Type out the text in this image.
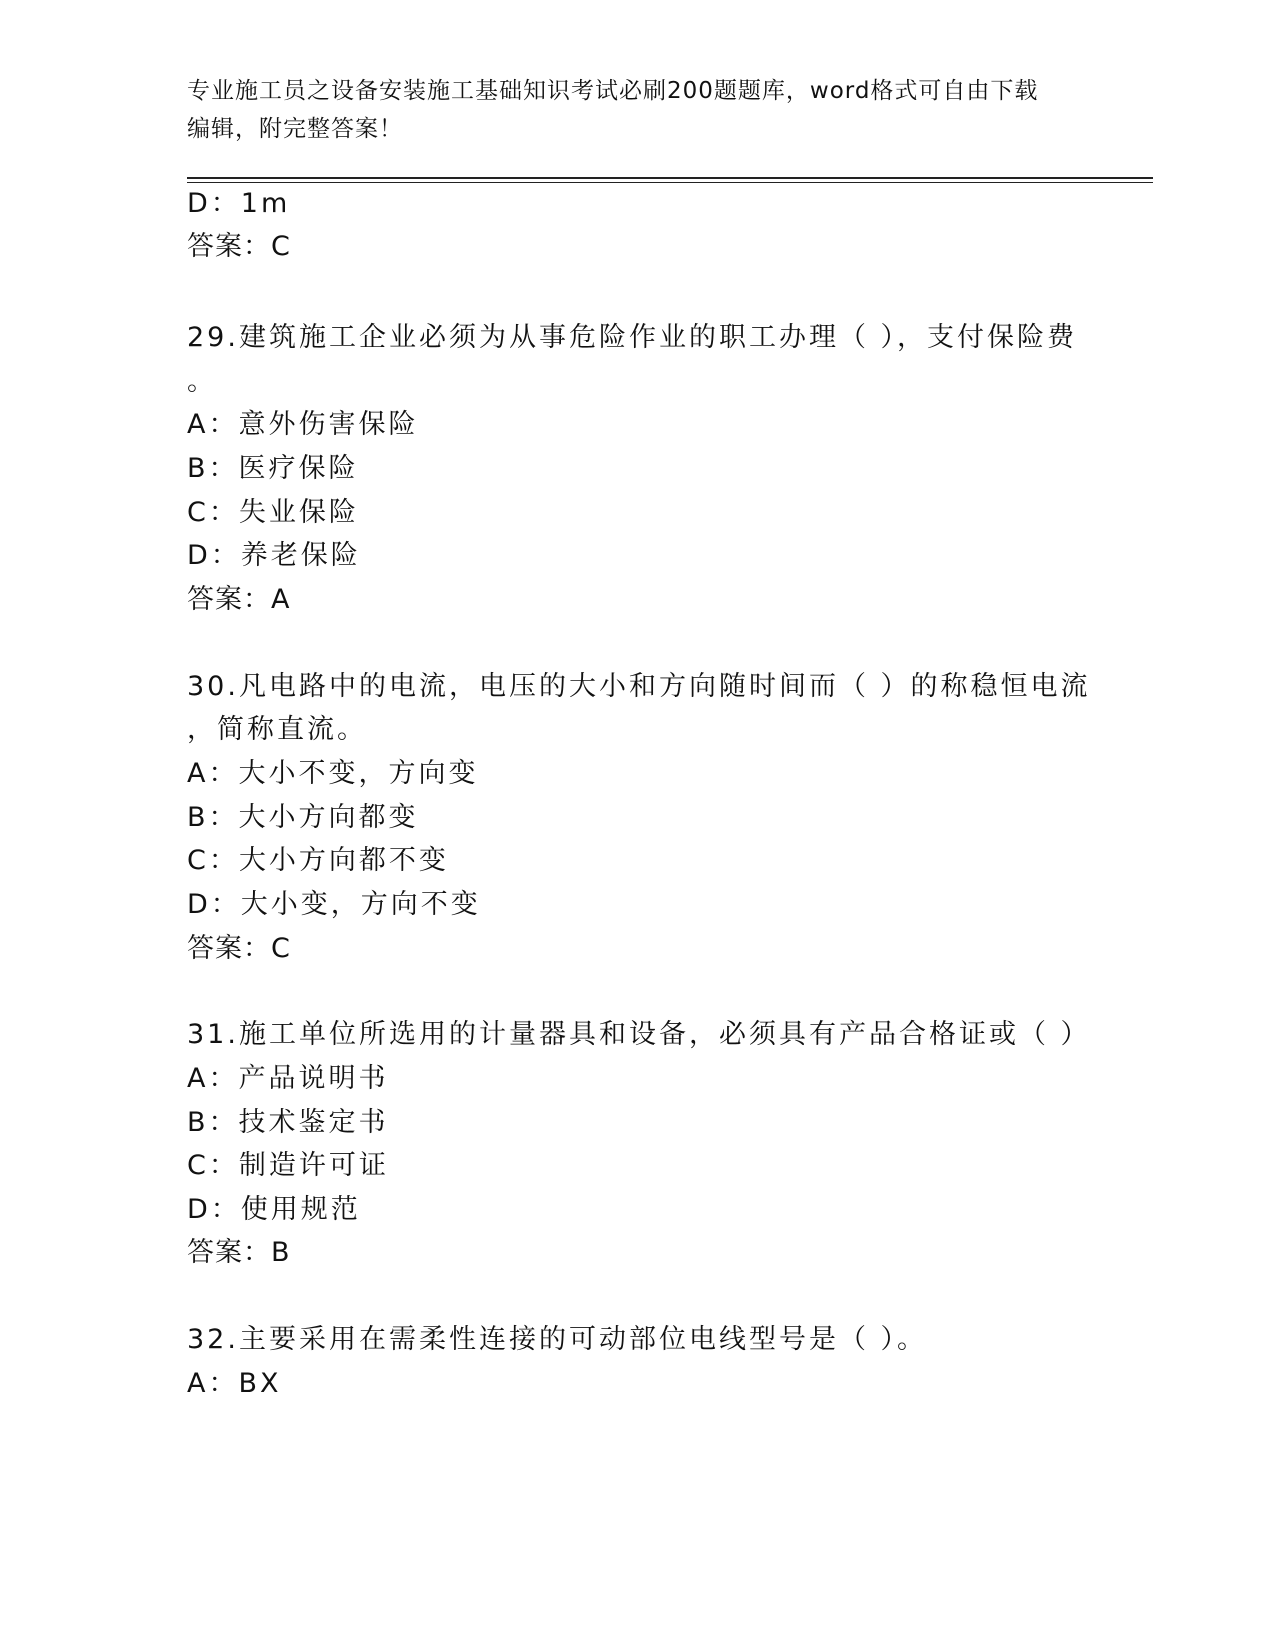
专业施工员之设备安装施工基础知识考试必刷200题题库，word格式可自由下载
编辑，附完整答案！
D：1m
答案：C
29.建筑施工企业必须为从事危险作业的职工办理（ ），支付保险费
。
A：意外伤害保险
B：医疗保险
C：失业保险
D：养老保险
答案：A
30.凡电路中的电流，电压的大小和方向随时间而（ ）的称稳恒电流
，简称直流。
A：大小不变，方向变
B：大小方向都变
C：大小方向都不变
D：大小变，方向不变
答案：C
31.施工单位所选用的计量器具和设备，必须具有产品合格证或（ ）
A：产品说明书
B：技术鉴定书
C：制造许可证
D：使用规范
答案：B
32.主要采用在需柔性连接的可动部位电线型号是（ ）。
A：BX
